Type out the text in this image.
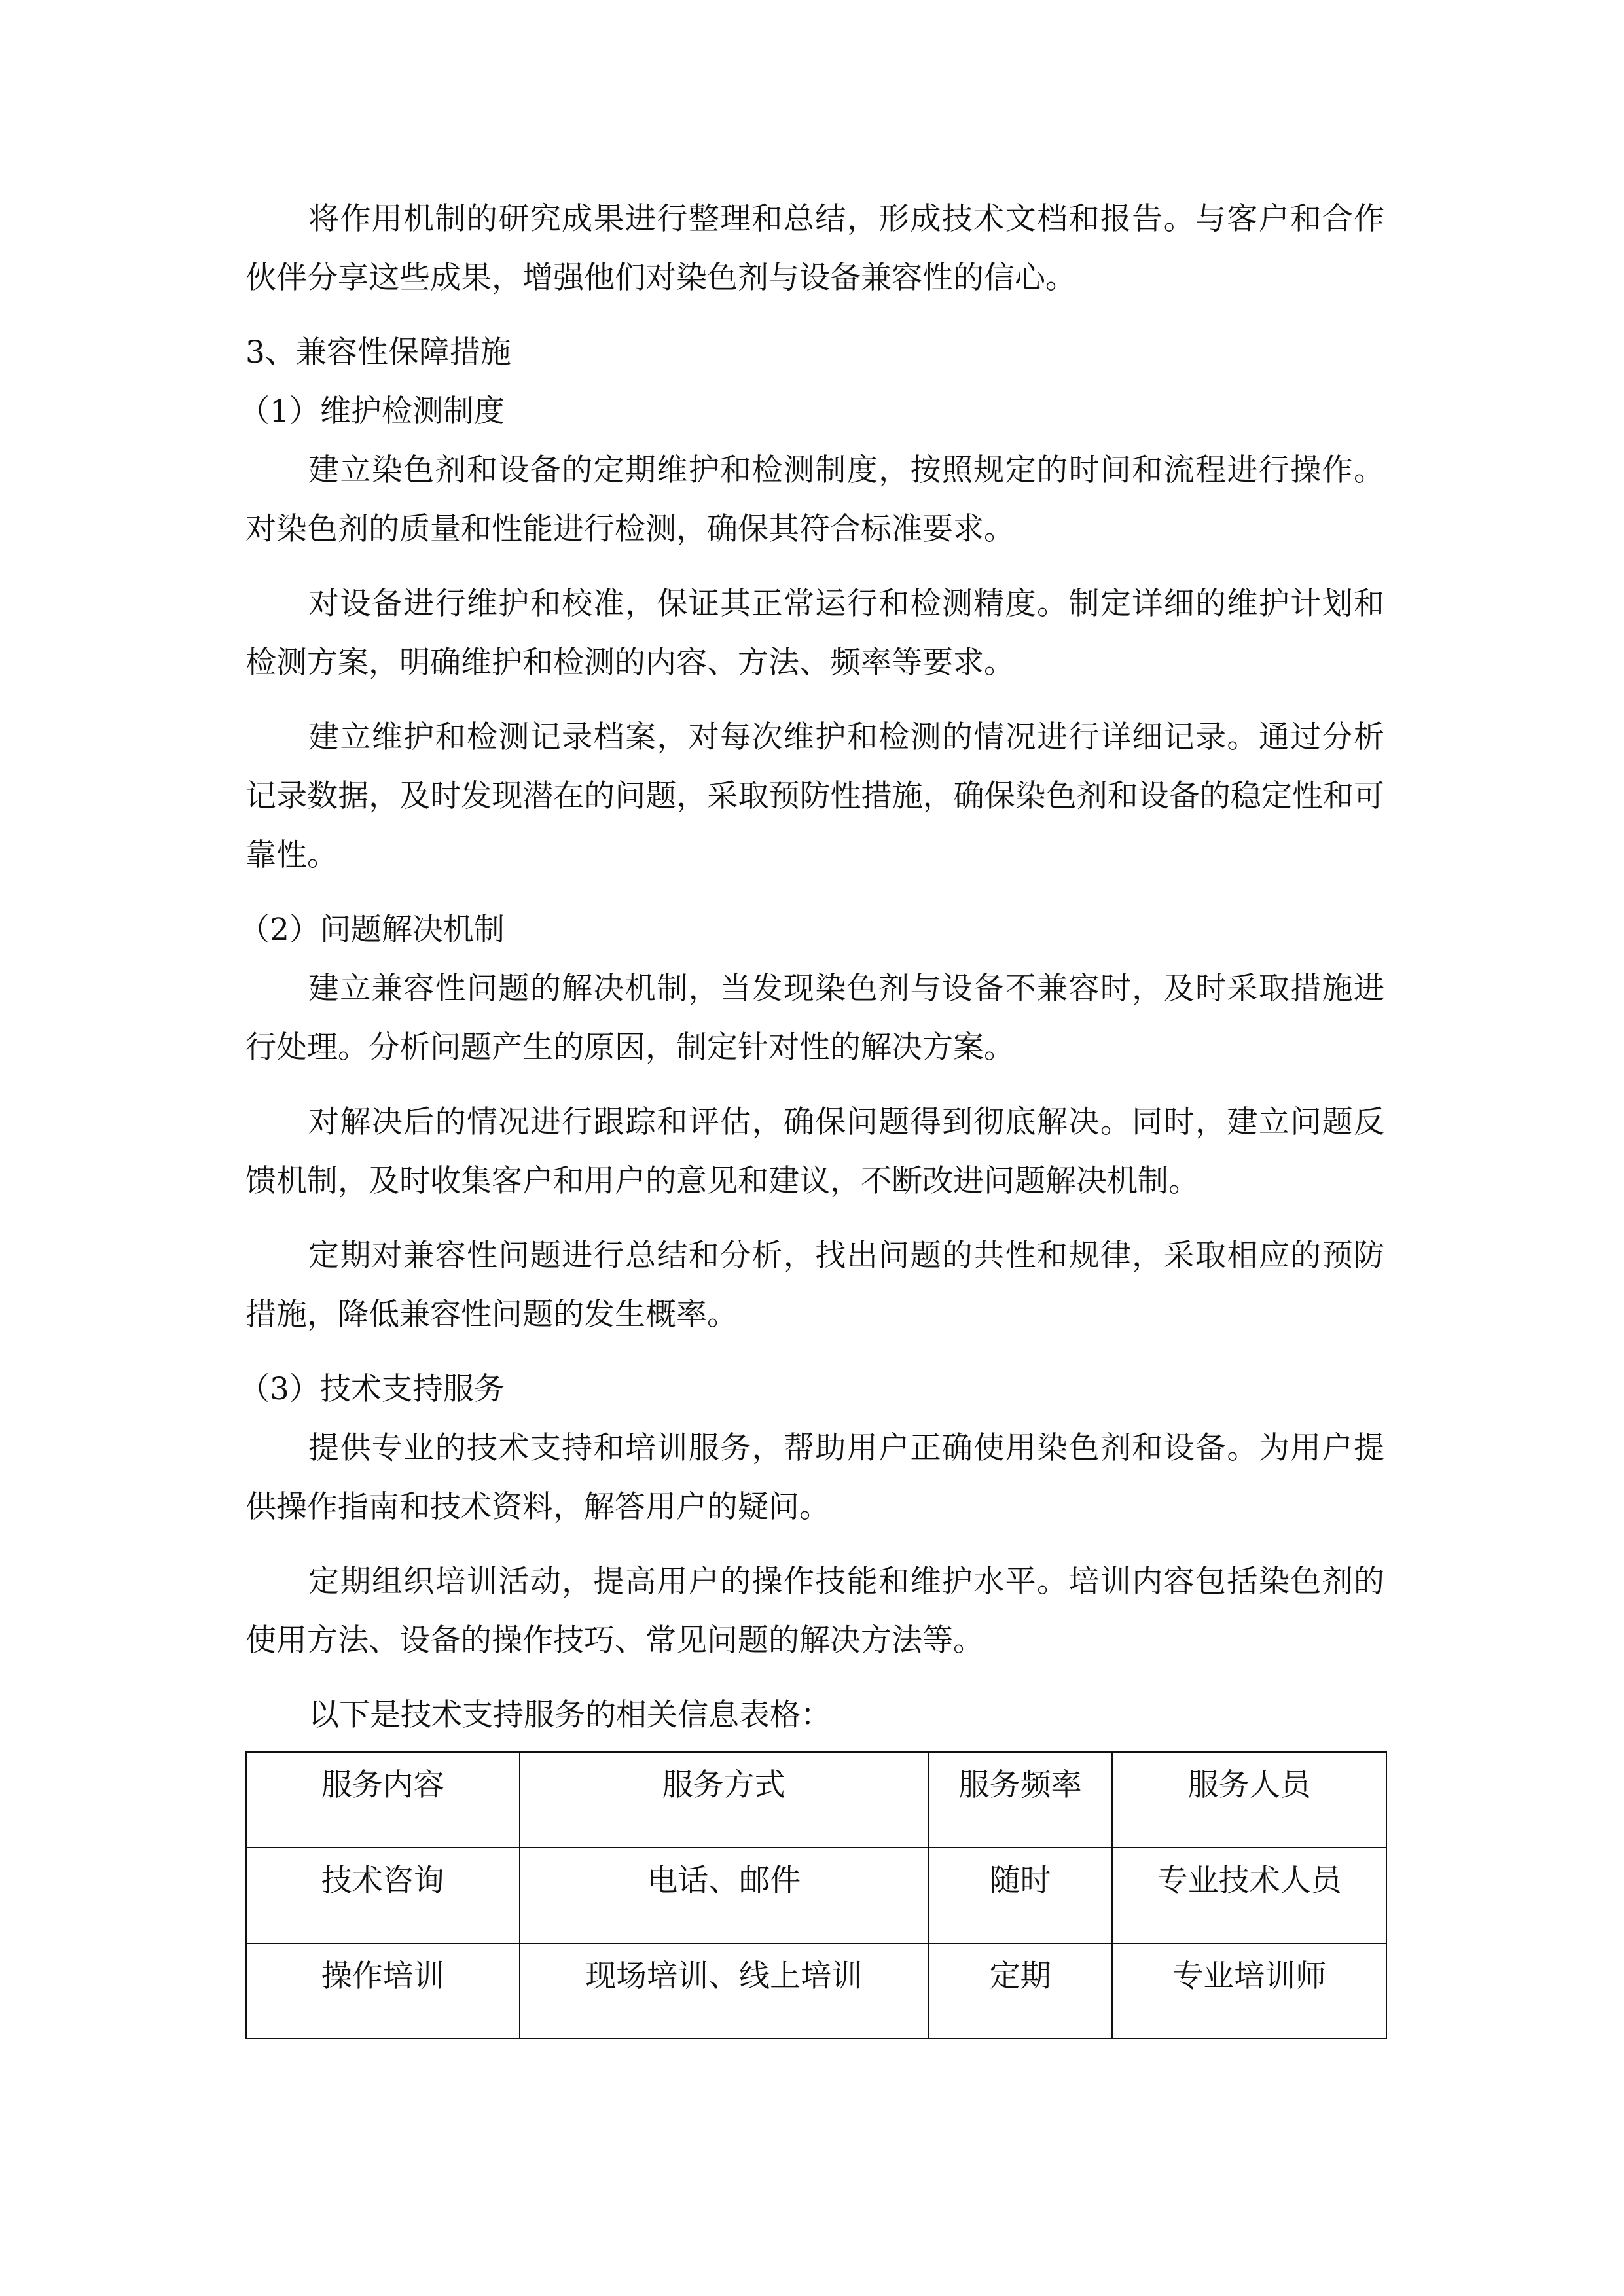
将作用机制的研究成果进行整理和总结，形成技术文档和报告。与客户和合作伙伴分享这些成果，增强他们对染色剂与设备兼容性的信心。

3、兼容性保障措施

（1）维护检测制度

建立染色剂和设备的定期维护和检测制度，按照规定的时间和流程进行操作。对染色剂的质量和性能进行检测，确保其符合标准要求。

对设备进行维护和校准，保证其正常运行和检测精度。制定详细的维护计划和检测方案，明确维护和检测的内容、方法、频率等要求。

建立维护和检测记录档案，对每次维护和检测的情况进行详细记录。通过分析记录数据，及时发现潜在的问题，采取预防性措施，确保染色剂和设备的稳定性和可靠性。

（2）问题解决机制

建立兼容性问题的解决机制，当发现染色剂与设备不兼容时，及时采取措施进行处理。分析问题产生的原因，制定针对性的解决方案。

对解决后的情况进行跟踪和评估，确保问题得到彻底解决。同时，建立问题反馈机制，及时收集客户和用户的意见和建议，不断改进问题解决机制。

定期对兼容性问题进行总结和分析，找出问题的共性和规律，采取相应的预防措施，降低兼容性问题的发生概率。

（3）技术支持服务

提供专业的技术支持和培训服务，帮助用户正确使用染色剂和设备。为用户提供操作指南和技术资料，解答用户的疑问。

定期组织培训活动，提高用户的操作技能和维护水平。培训内容包括染色剂的使用方法、设备的操作技巧、常见问题的解决方法等。

以下是技术支持服务的相关信息表格：

服务内容	服务方式	服务频率	服务人员
技术咨询	电话、邮件	随时	专业技术人员
操作培训	现场培训、线上培训	定期	专业培训师
